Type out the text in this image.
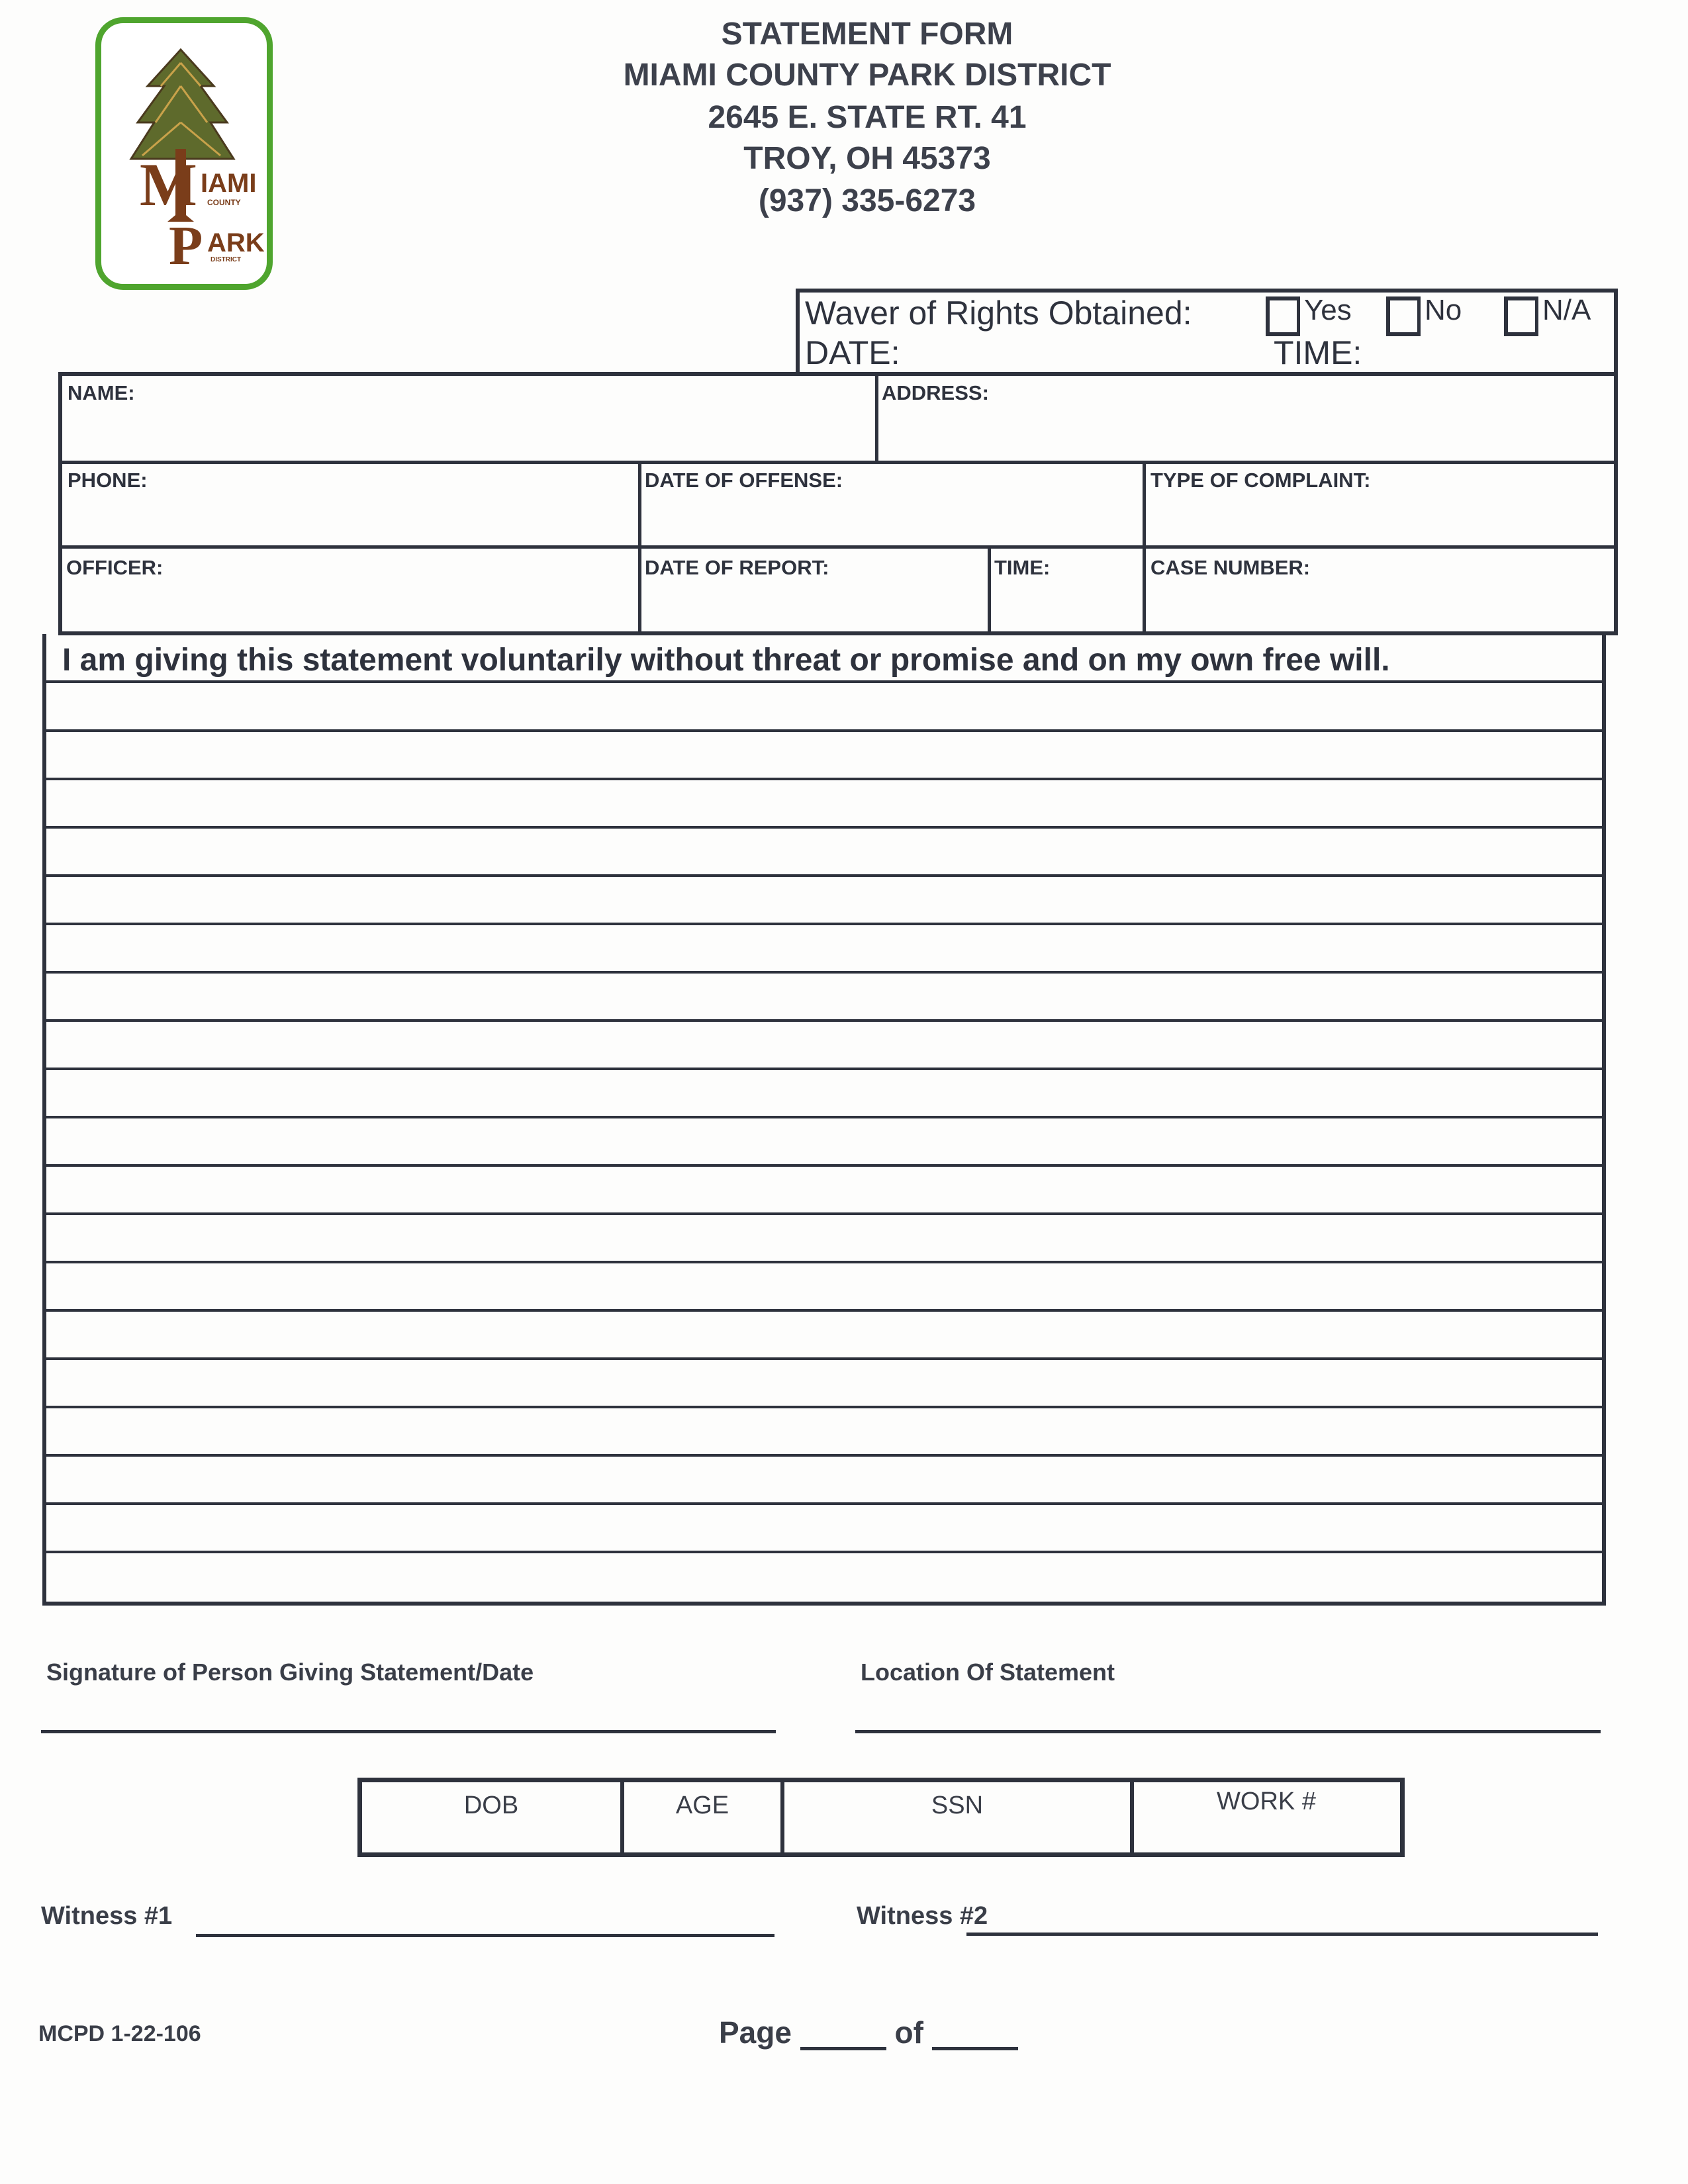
M
P
IAMI
COUNTY
ARK
DISTRICT
STATEMENT FORM
MIAMI COUNTY PARK DISTRICT
2645 E. STATE RT. 41
TROY, OH 45373
(937) 335-6273
Waver of Rights Obtained:
DATE:	TIME:
Yes	No	N/A
NAME:	ADDRESS:
PHONE:	DATE OF OFFENSE:	TYPE OF COMPLAINT:
OFFICER:	DATE OF REPORT:	TIME:	CASE NUMBER:
I am giving this statement voluntarily without threat or promise and on my own free will.
Signature of Person Giving Statement/Date	Location Of Statement
DOB	AGE	SSN	WORK #
Witness #1	Witness #2
MCPD 1-22-106	Page	of
